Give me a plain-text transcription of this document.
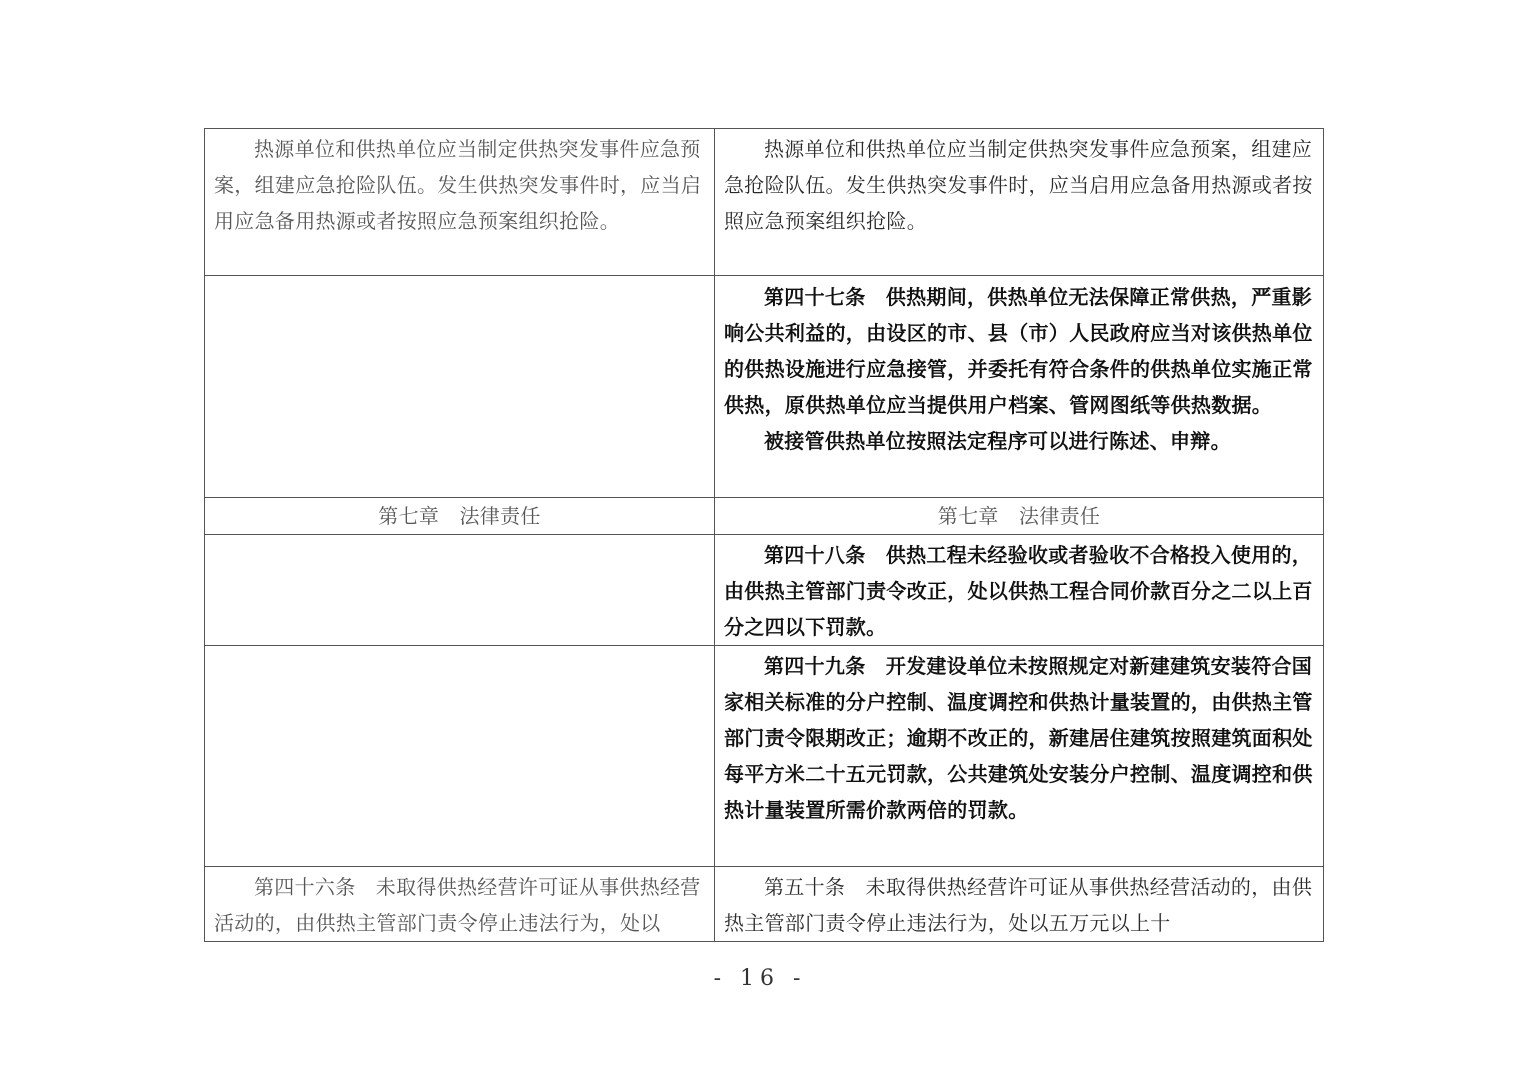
热源单位和供热单位应当制定供热突发事件应急预案，组建应急抢险队伍。发生供热突发事件时，应当启用应急备用热源或者按照应急预案组织抢险。	热源单位和供热单位应当制定供热突发事件应急预案，组建应急抢险队伍。发生供热突发事件时，应当启用应急备用热源或者按照应急预案组织抢险。

	第四十七条　 供热期间，供热单位无法保障正常供热，严重影响公共利益的，由设区的市、县（市）人民政府应当对该供热单位的供热设施进行应急接管，并委托有符合条件的供热单位实施正常供热，原供热单位应当提供用户档案、管网图纸等供热数据。

被接管供热单位按照法定程序可以进行陈述、申辩。

第七章　法律责任	第七章　法律责任

	第四十八条　 供热工程未经验收或者验收不合格投入使用的，由供热主管部门责令改正，处以供热工程合同价款百分之二以上百分之四以下罚款。

	第四十九条　 开发建设单位未按照规定对新建建筑安装符合国家相关标准的分户控制、温度调控和供热计量装置的，由供热主管部门责令限期改正；逾期不改正的，新建居住建筑按照建筑面积处每平方米二十五元罚款，公共建筑处安装分户控制、温度调控和供热计量装置所需价款两倍的罚款。

第四十六条　未取得供热经营许可证从事供热经营活动的，由供热主管部门责令停止违法行为，处以	第五十条　 未取得供热经营许可证从事供热经营活动的，由供热主管部门责令停止违法行为，处以五万元以上十

- 16 -
